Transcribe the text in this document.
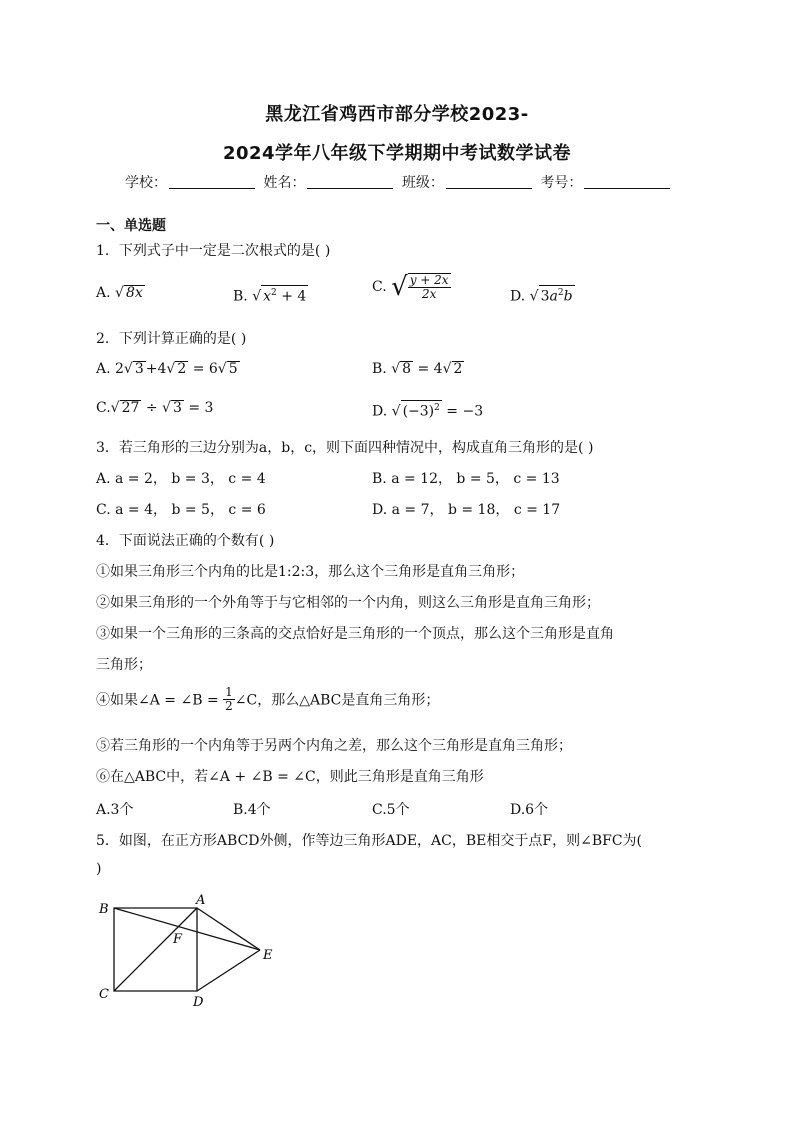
黑龙江省鸡西市部分学校2023-
2024学年八年级下学期期中考试数学试卷
学校：	姓名：	班级：	考号：
一、单选题
1．下列式子中一定是二次根式的是( )
A. √ 8x	B. √ $x^2 + 4$
C. √ $\frac{y + 2x}{2x}$	D. √ $3a^2b$
2．下列计算正确的是( )
A. 2√ 3 +4√ 2 = 6√ 5	B. √ 8 = 4√ 2
C.√ 27 ÷ √ 3 = 3	D. √ $(-3)^2 = -3$
3．若三角形的三边分别为a，b，c，则下面四种情况中，构成直角三角形的是( )
A. a = 2， b = 3， c = 4	B. a = 12， b = 5， c = 13
C. a = 4， b = 5， c = 6	D. a = 7， b = 18， c = 17
4．下面说法正确的个数有( )
①如果三角形三个内角的比是1:2:3，那么这个三角形是直角三角形；
②如果三角形的一个外角等于与它相邻的一个内角，则这么三角形是直角三角形；
③如果一个三角形的三条高的交点恰好是三角形的一个顶点，那么这个三角形是直角
三角形；
④如果∠A = ∠B = $\frac{1}{2}$ ∠C，那么△ABC是直角三角形；
⑤若三角形的一个内角等于另两个内角之差，那么这个三角形是直角三角形；
⑥在△ABC中，若∠A + ∠B = ∠C，则此三角形是直角三角形
A.3个	B.4个	C.5个	D.6个
5．如图，在正方形ABCD外侧，作等边三角形ADE，AC，BE相交于点F，则∠BFC为(
)
B
A
F
E
C
D
